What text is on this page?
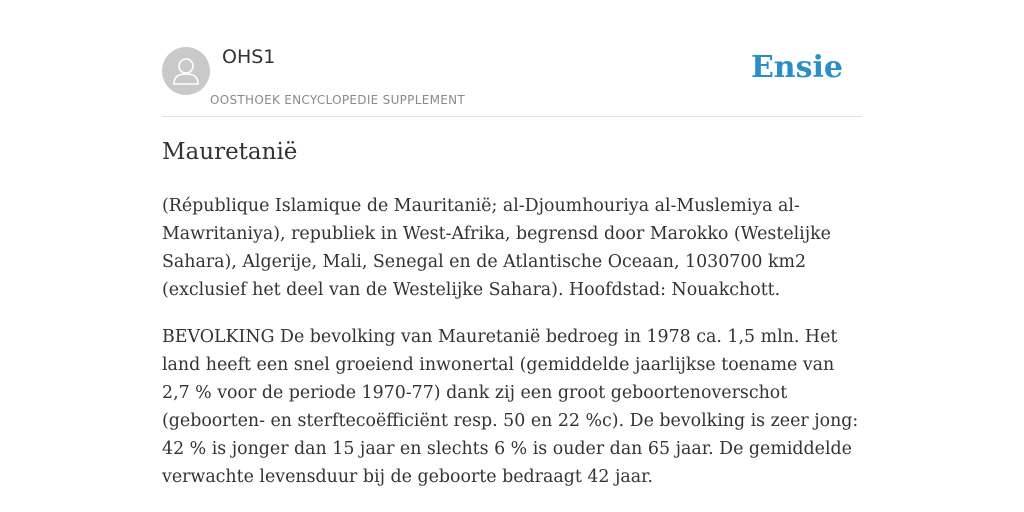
OHS1
OOSTHOEK ENCYCLOPEDIE SUPPLEMENT
Ensie
Mauretanië

(République Islamique de Mauritanië; al-Djoumhouriya al-Muslemiya al-Mawritaniya), republiek in West-Afrika, begrensd door Marokko (Westelijke Sahara), Algerije, Mali, Senegal en de Atlantische Oceaan, 1030700 km2 (exclusief het deel van de Westelijke Sahara). Hoofdstad: Nouakchott.

BEVOLKING De bevolking van Mauretanië bedroeg in 1978 ca. 1,5 mln. Het land heeft een snel groeiend inwonertal (gemiddelde jaarlijkse toename van 2,7 % voor de periode 1970-77) dank zij een groot geboortenoverschot (geboorten- en sterftecoëfficiënt resp. 50 en 22 %c). De bevolking is zeer jong: 42 % is jonger dan 15 jaar en slechts 6 % is ouder dan 65 jaar. De gemiddelde verwachte levensduur bij de geboorte bedraagt 42 jaar.
